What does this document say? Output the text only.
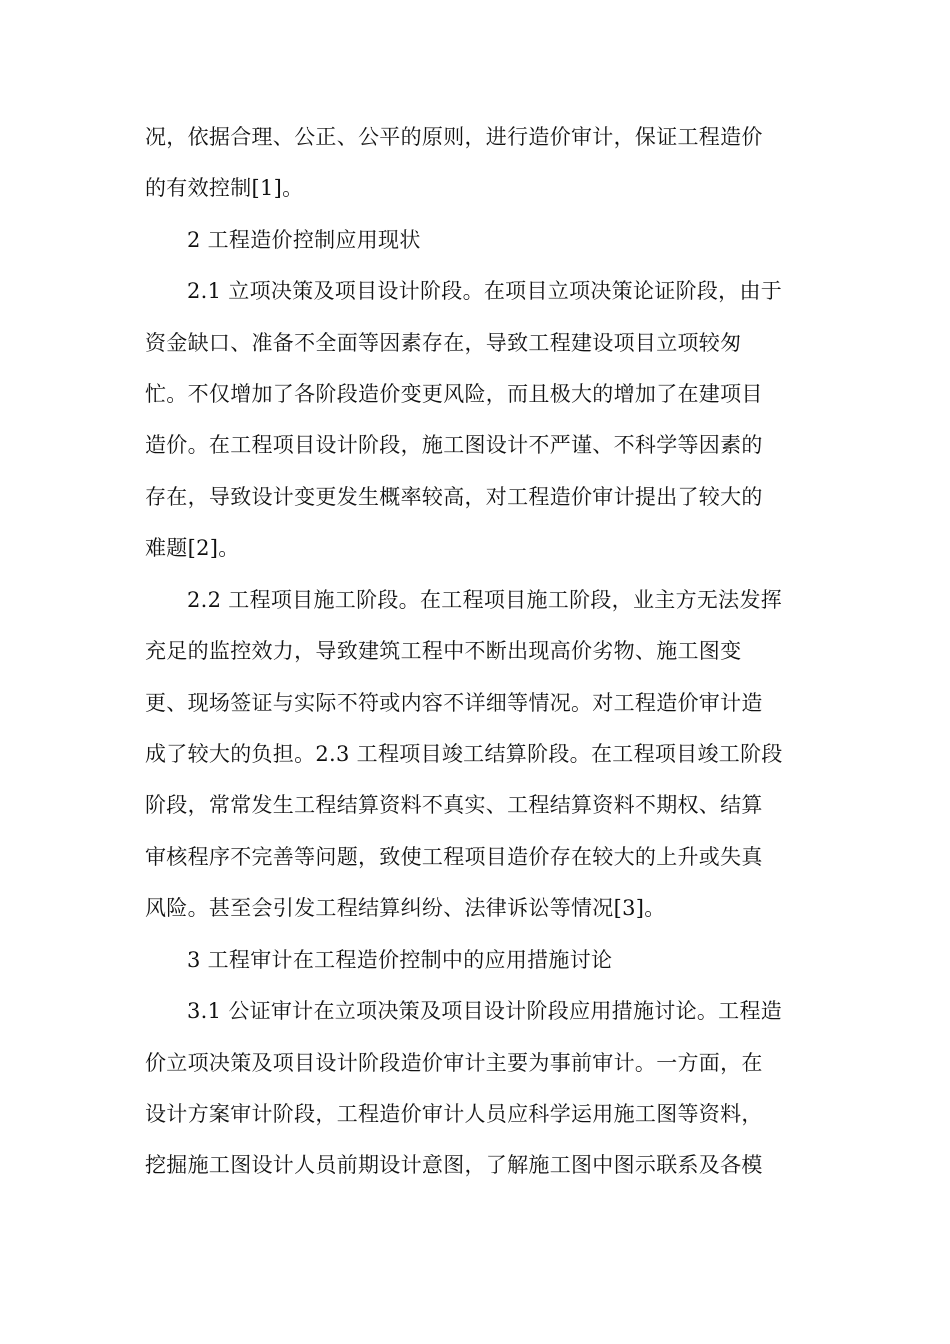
况，依据合理、公正、公平的原则，进行造价审计，保证工程造价
的有效控制[1]。
2 工程造价控制应用现状
2.1 立项决策及项目设计阶段。在项目立项决策论证阶段，由于
资金缺口、准备不全面等因素存在，导致工程建设项目立项较匆
忙。不仅增加了各阶段造价变更风险，而且极大的增加了在建项目
造价。在工程项目设计阶段，施工图设计不严谨、不科学等因素的
存在，导致设计变更发生概率较高，对工程造价审计提出了较大的
难题[2]。
2.2 工程项目施工阶段。在工程项目施工阶段，业主方无法发挥
充足的监控效力，导致建筑工程中不断出现高价劣物、施工图变
更、现场签证与实际不符或内容不详细等情况。对工程造价审计造
成了较大的负担。2.3 工程项目竣工结算阶段。在工程项目竣工阶段
阶段，常常发生工程结算资料不真实、工程结算资料不期权、结算
审核程序不完善等问题，致使工程项目造价存在较大的上升或失真
风险。甚至会引发工程结算纠纷、法律诉讼等情况[3]。
3 工程审计在工程造价控制中的应用措施讨论
3.1 公证审计在立项决策及项目设计阶段应用措施讨论。工程造
价立项决策及项目设计阶段造价审计主要为事前审计。一方面，在
设计方案审计阶段，工程造价审计人员应科学运用施工图等资料，
挖掘施工图设计人员前期设计意图，了解施工图中图示联系及各模
